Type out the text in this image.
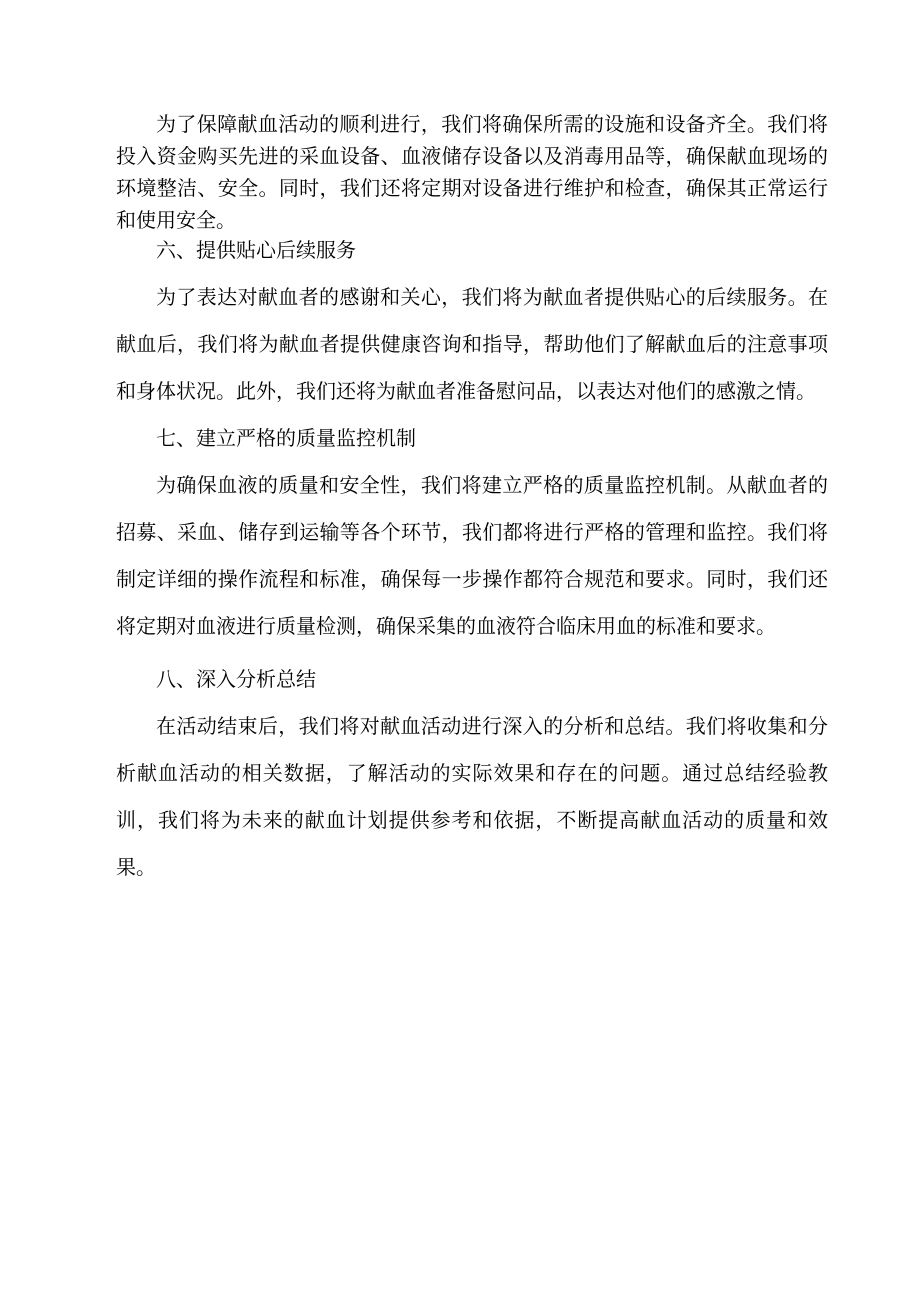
为了保障献血活动的顺利进行，我们将确保所需的设施和设备齐全。我们将投入资金购买先进的采血设备、血液储存设备以及消毒用品等，确保献血现场的环境整洁、安全。同时，我们还将定期对设备进行维护和检查，确保其正常运行和使用安全。

六、提供贴心后续服务

为了表达对献血者的感谢和关心，我们将为献血者提供贴心的后续服务。在献血后，我们将为献血者提供健康咨询和指导，帮助他们了解献血后的注意事项和身体状况。此外，我们还将为献血者准备慰问品，以表达对他们的感激之情。

七、建立严格的质量监控机制

为确保血液的质量和安全性，我们将建立严格的质量监控机制。从献血者的招募、采血、储存到运输等各个环节，我们都将进行严格的管理和监控。我们将制定详细的操作流程和标准，确保每一步操作都符合规范和要求。同时，我们还将定期对血液进行质量检测，确保采集的血液符合临床用血的标准和要求。

八、深入分析总结

在活动结束后，我们将对献血活动进行深入的分析和总结。我们将收集和分析献血活动的相关数据，了解活动的实际效果和存在的问题。通过总结经验教训，我们将为未来的献血计划提供参考和依据，不断提高献血活动的质量和效果。
